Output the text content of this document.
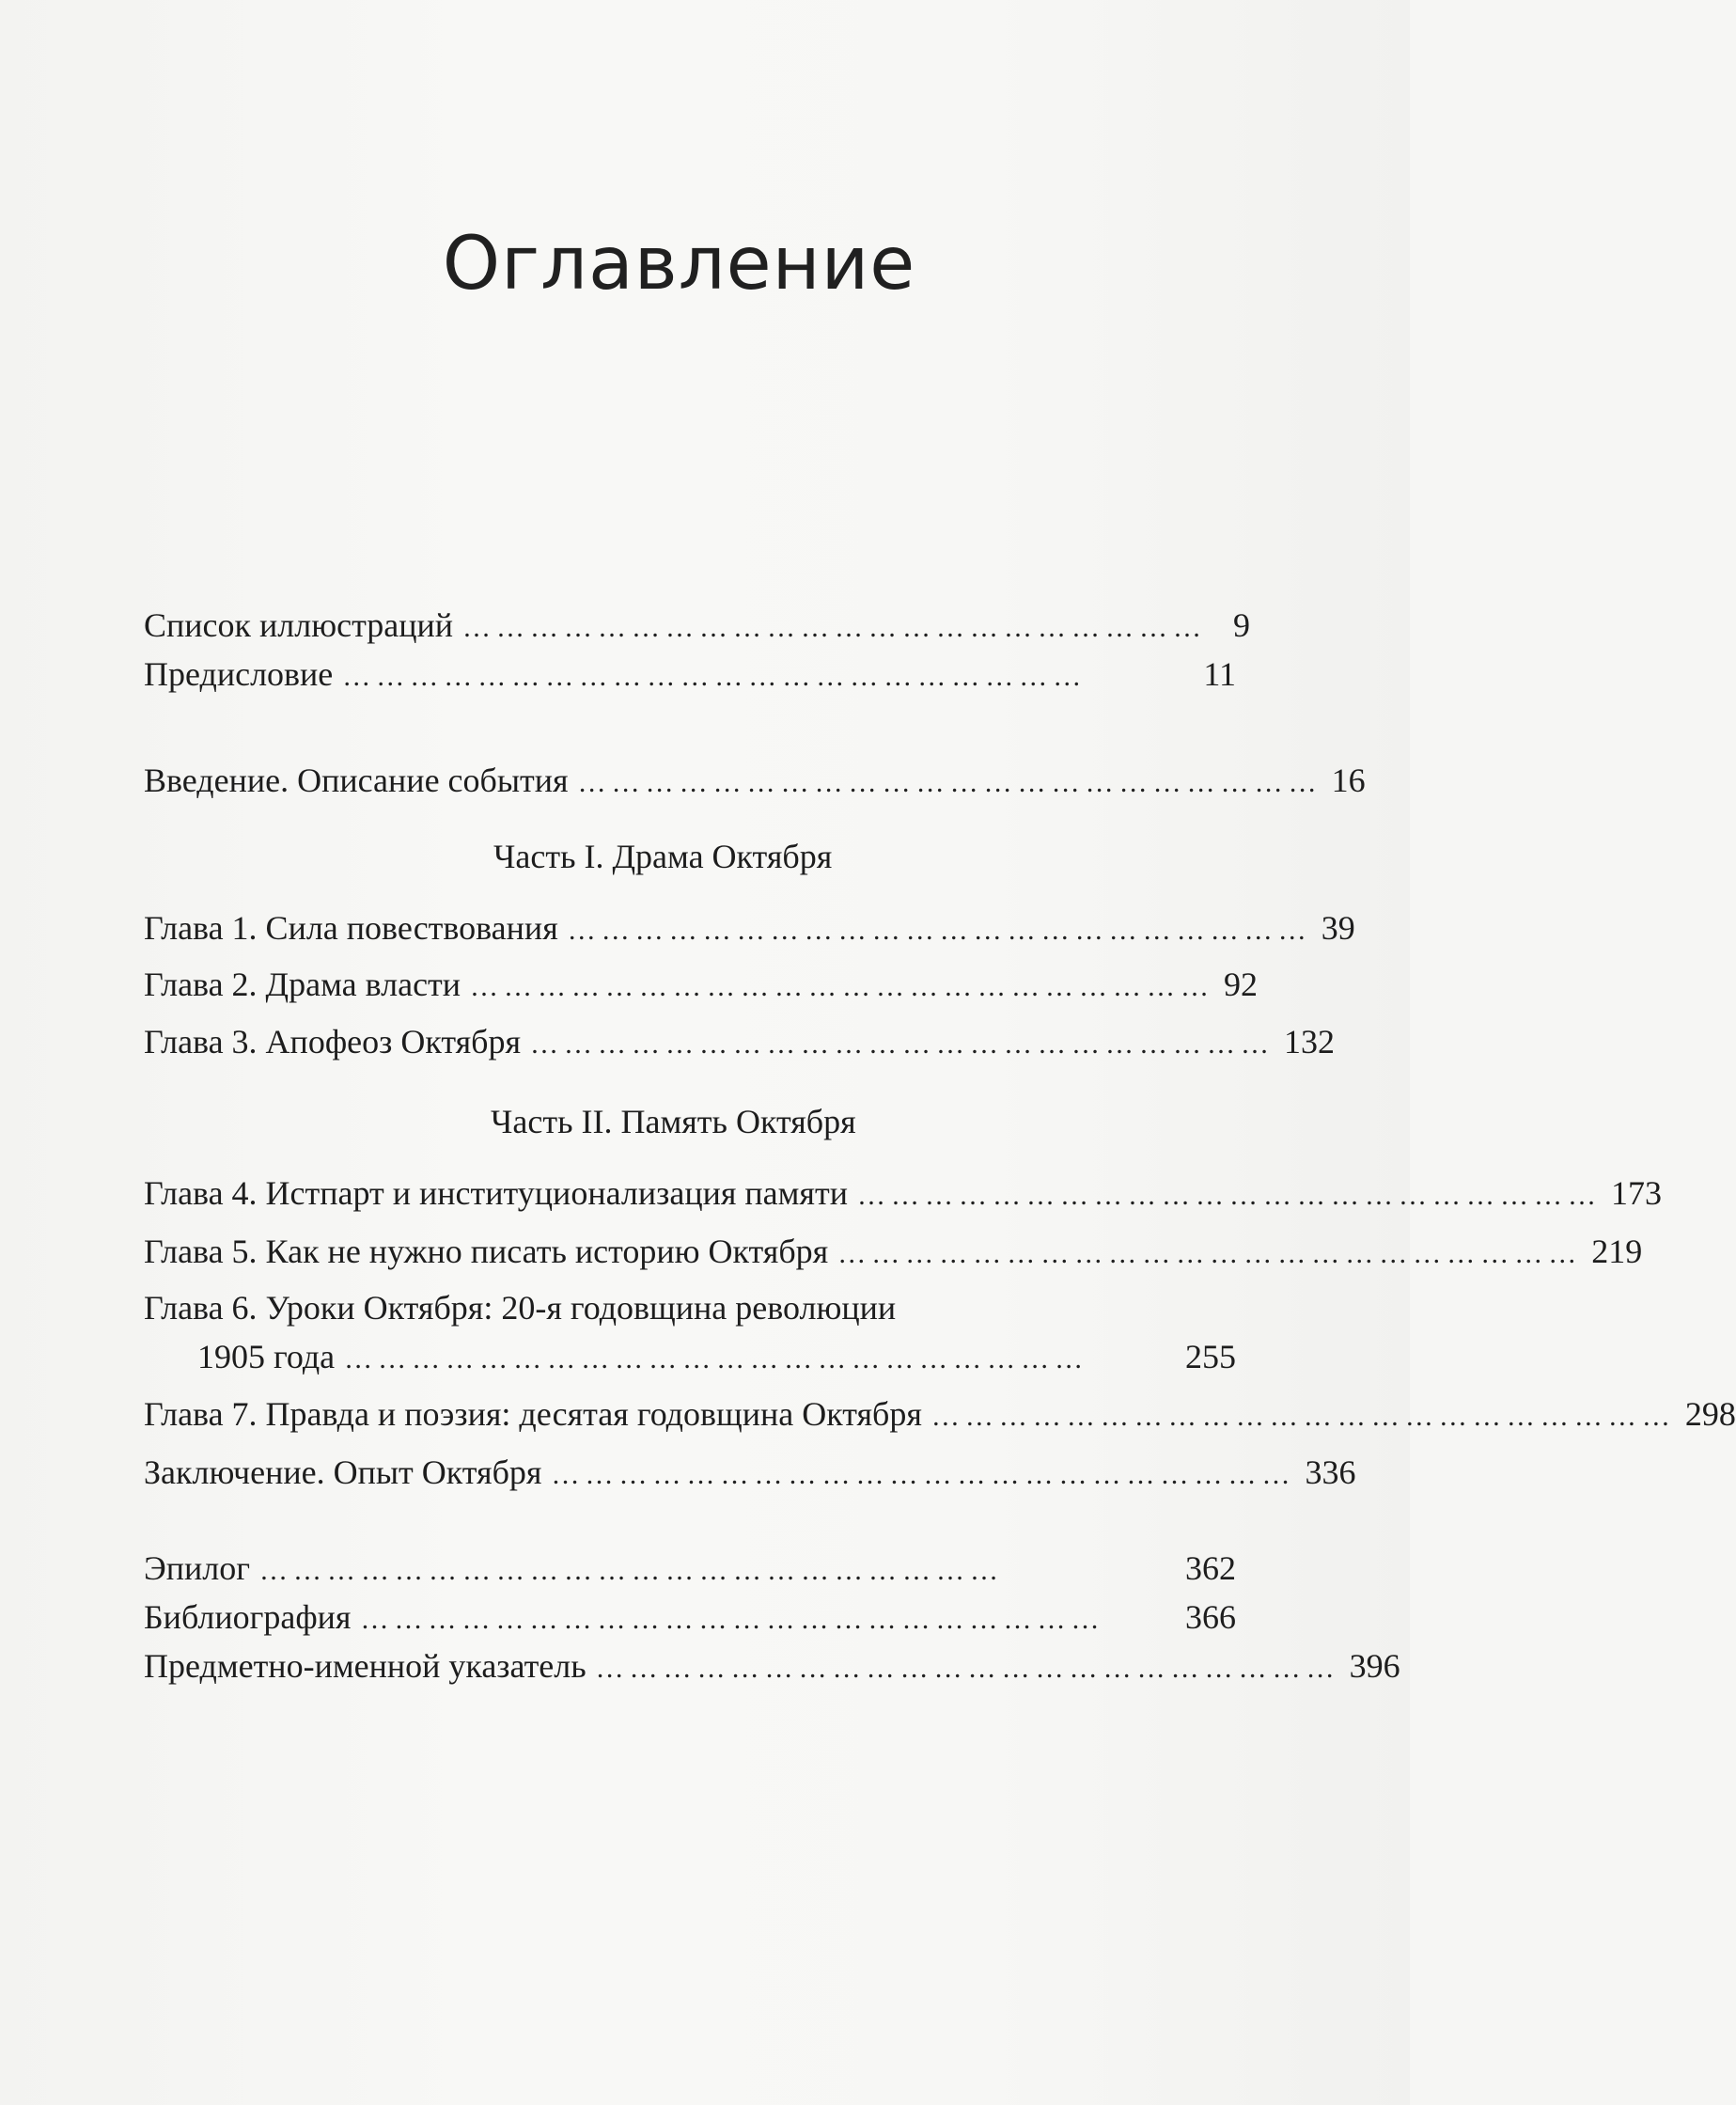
Оглавление
Список иллюстраций ………………………………………………………… 9
Предисловие …………………………………………………………	11
Введение. Описание события ………………………………………………………… 16
Часть I. Драма Октября
Глава 1. Сила повествования ………………………………………………………… 39
Глава 2. Драма власти ………………………………………………………… 92
Глава 3. Апофеоз Октября ………………………………………………………… 132
Часть II. Память Октября
Глава 4. Истпарт и институционализация памяти ………………………………………………………… 173
Глава 5. Как не нужно писать историю Октября ………………………………………………………… 219
Глава 6. Уроки Октября: 20-я годовщина революции
1905 года …………………………………………………………	255
Глава 7. Правда и поэзия: десятая годовщина Октября ………………………………………………………… 298
Заключение. Опыт Октября ………………………………………………………… 336
Эпилог …………………………………………………………	362
Библиография …………………………………………………………	366
Предметно-именной указатель ………………………………………………………… 396
